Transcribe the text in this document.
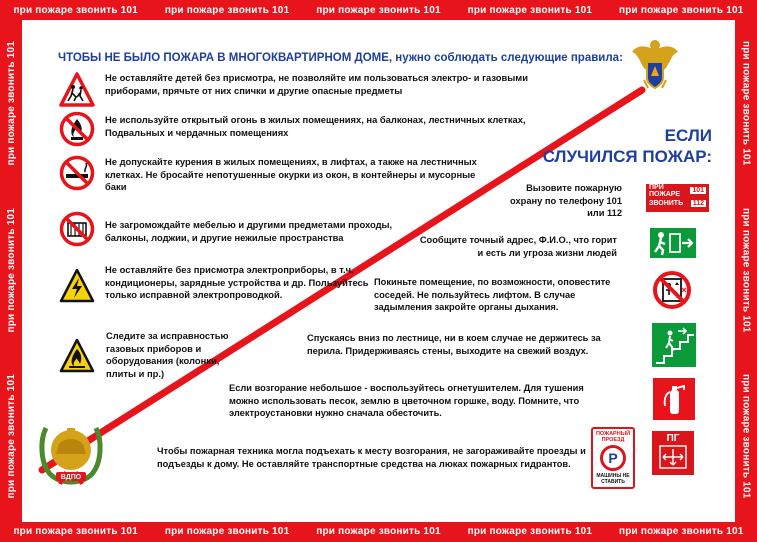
при пожаре звонить 101	при пожаре звонить 101	при пожаре звонить 101	при пожаре звонить 101	при пожаре звонить 101
при пожаре звонить 101	при пожаре звонить 101	при пожаре звонить 101	при пожаре звонить 101	при пожаре звонить 101
при пожаре звонить 101
при пожаре звонить 101
при пожаре звонить 101
при пожаре звонить 101
при пожаре звонить 101
при пожаре звонить 101
ЧТОБЫ НЕ БЫЛО ПОЖАРА В МНОГОКВАРТИРНОМ ДОМЕ, нужно соблюдать следующие правила:
Не оставляйте детей без присмотра, не позволяйте им пользоваться электро- и газовыми приборами, прячьте от них спички и другие опасные предметы
Не используйте открытый огонь в жилых помещениях, на балконах, лестничных клетках, Подвальных и чердачных помещениях
Не допускайте курения в жилых помещениях, в лифтах, а также на лестничных клетках. Не бросайте непотушенные окурки из окон, в контейнеры и мусорные баки
Не загромождайте мебелью и другими предметами проходы, балконы, лоджии, и другие нежилые пространства
Не оставляйте без присмотра электроприборы, в т.ч. кондиционеры, зарядные устройства и др. Пользуйтесь только исправной электропроводкой.
Следите за исправностью газовых приборов и оборудования (колонки, плиты и пр.)
ВДПО
ЕСЛИ
СЛУЧИЛСЯ ПОЖАР:
Вызовите пожарную охрану по телефону 101 или 112
ПРИ ПОЖАРЕ	101
ЗВОНИТЬ 112
Сообщите точный адрес, Ф.И.О., что горит и есть ли угроза жизни людей
Покиньте помещение, по возможности, оповестите соседей. Не пользуйтесь лифтом. В случае задымления закройте органы дыхания.
Спускаясь вниз по лестнице, ни в коем случае не держитесь за перила. Придерживаясь стены, выходите на свежий воздух.
Если возгорание небольшое - воспользуйтесь огнетушителем. Для тушения можно использовать песок, землю в цветочном горшке, воду. Помните, что электроустановки нужно сначала обесточить.
Чтобы пожарная техника могла подъехать к месту возгорания, не загораживайте проезды и подъезды к дому. Не оставляйте транспортные средства на люках пожарных гидрантов.
ПОЖАРНЫЙ ПРОЕЗД
P
МАШИНЫ НЕ СТАВИТЬ
ПГ
